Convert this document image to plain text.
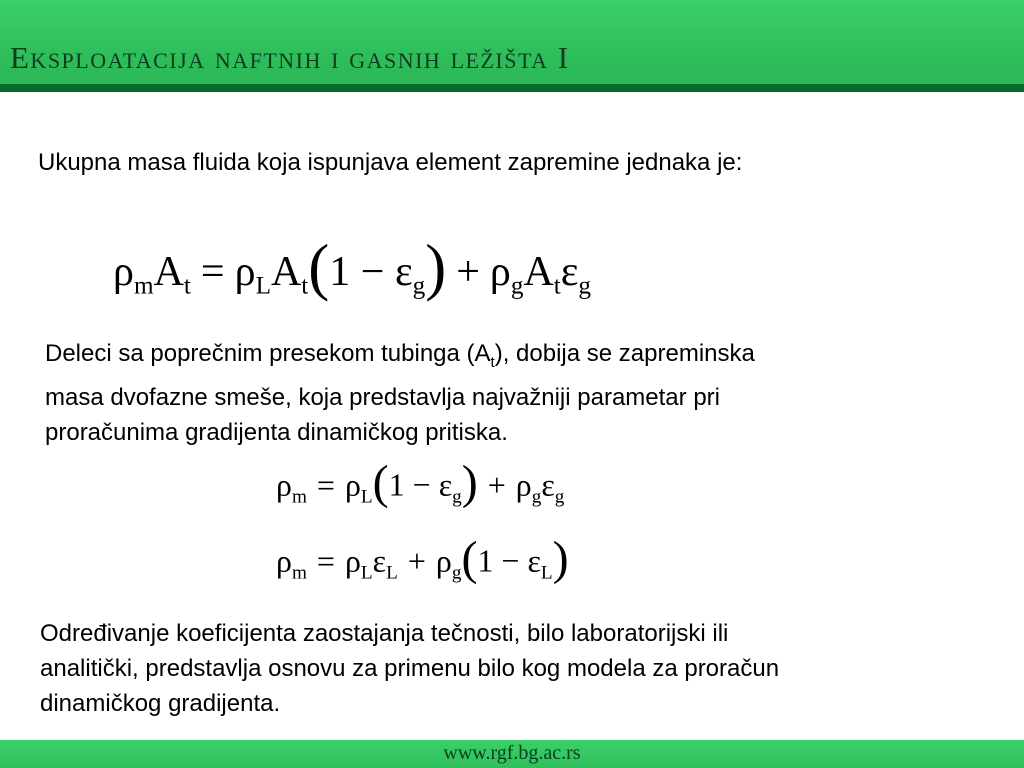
Eksploatacija naftnih i gasnih ležišta I
Ukupna masa fluida koja ispunjava element zapremine jednaka je:
$\rho_mA_t = \rho_LA_t(1 - \varepsilon_g) + \rho_gA_t\varepsilon_g$
Deleci sa poprečnim presekom tubinga $(A_t)$, dobija se zapreminska
masa dvofazne smeše, koja predstavlja najvažniji parametar pri
proračunima gradijenta dinamičkog pritiska.
$\rho_m = \rho_L(1 - \varepsilon_g) + \rho_g\varepsilon_g$
$\rho_m = \rho_L\varepsilon_L + \rho_g(1 - \varepsilon_L)$
Određivanje koeficijenta zaostajanja tečnosti, bilo laboratorijski ili
analitički, predstavlja osnovu za primenu bilo kog modela za proračun
dinamičkog gradijenta.
www.rgf.bg.ac.rs
